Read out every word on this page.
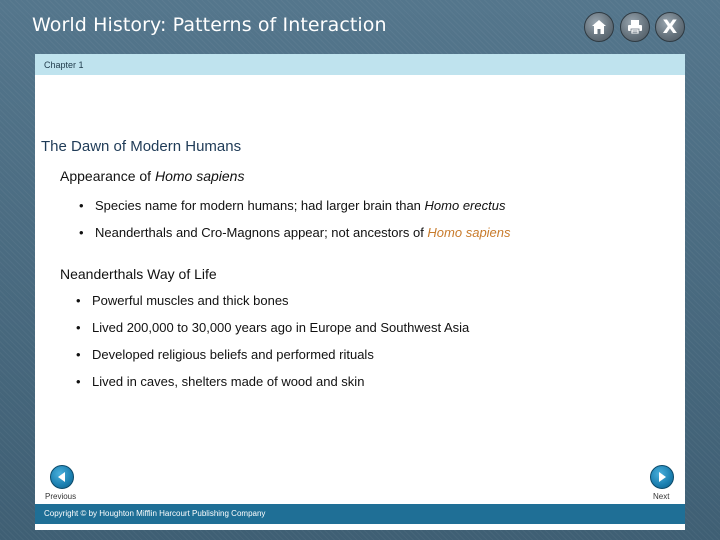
World History: Patterns of Interaction	X
Chapter 1
The Dawn of Modern Humans
Appearance of Homo sapiens
• Species name for modern humans; had larger brain than Homo erectus
• Neanderthals and Cro-Magnons appear; not ancestors of Homo sapiens
Neanderthals Way of Life
• Powerful muscles and thick bones
• Lived 200,000 to 30,000 years ago in Europe and Southwest Asia
• Developed religious beliefs and performed rituals
• Lived in caves, shelters made of wood and skin
Previous	Next
Copyright © by Houghton Mifflin Harcourt Publishing Company
